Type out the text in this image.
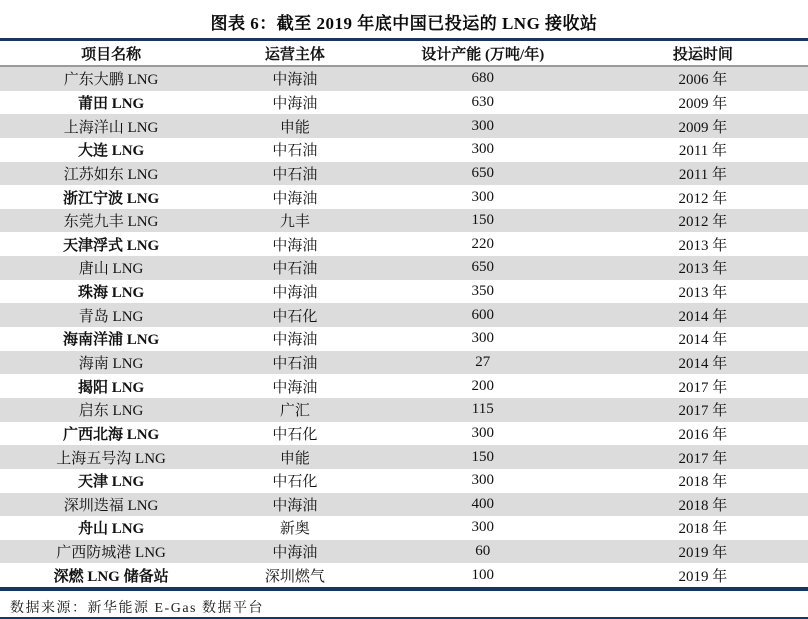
图表 6：截至 2019 年底中国已投运的 LNG 接收站
项目名称	运营主体	设计产能 (万吨/年)	投运时间
广东大鹏 LNG	中海油	680	2006 年
莆田 LNG	中海油	630	2009 年
上海洋山 LNG	申能	300	2009 年
大连 LNG	中石油	300	2011 年
江苏如东 LNG	中石油	650	2011 年
浙江宁波 LNG	中海油	300	2012 年
东莞九丰 LNG	九丰	150	2012 年
天津浮式 LNG	中海油	220	2013 年
唐山 LNG	中石油	650	2013 年
珠海 LNG	中海油	350	2013 年
青岛 LNG	中石化	600	2014 年
海南洋浦 LNG	中海油	300	2014 年
海南 LNG	中石油	27	2014 年
揭阳 LNG	中海油	200	2017 年
启东 LNG	广汇	115	2017 年
广西北海 LNG	中石化	300	2016 年
上海五号沟 LNG	申能	150	2017 年
天津 LNG	中石化	300	2018 年
深圳迭福 LNG	中海油	400	2018 年
舟山 LNG	新奥	300	2018 年
广西防城港 LNG	中海油	60	2019 年
深燃 LNG 储备站	深圳燃气	100	2019 年
数据来源：新华能源 E-Gas 数据平台
